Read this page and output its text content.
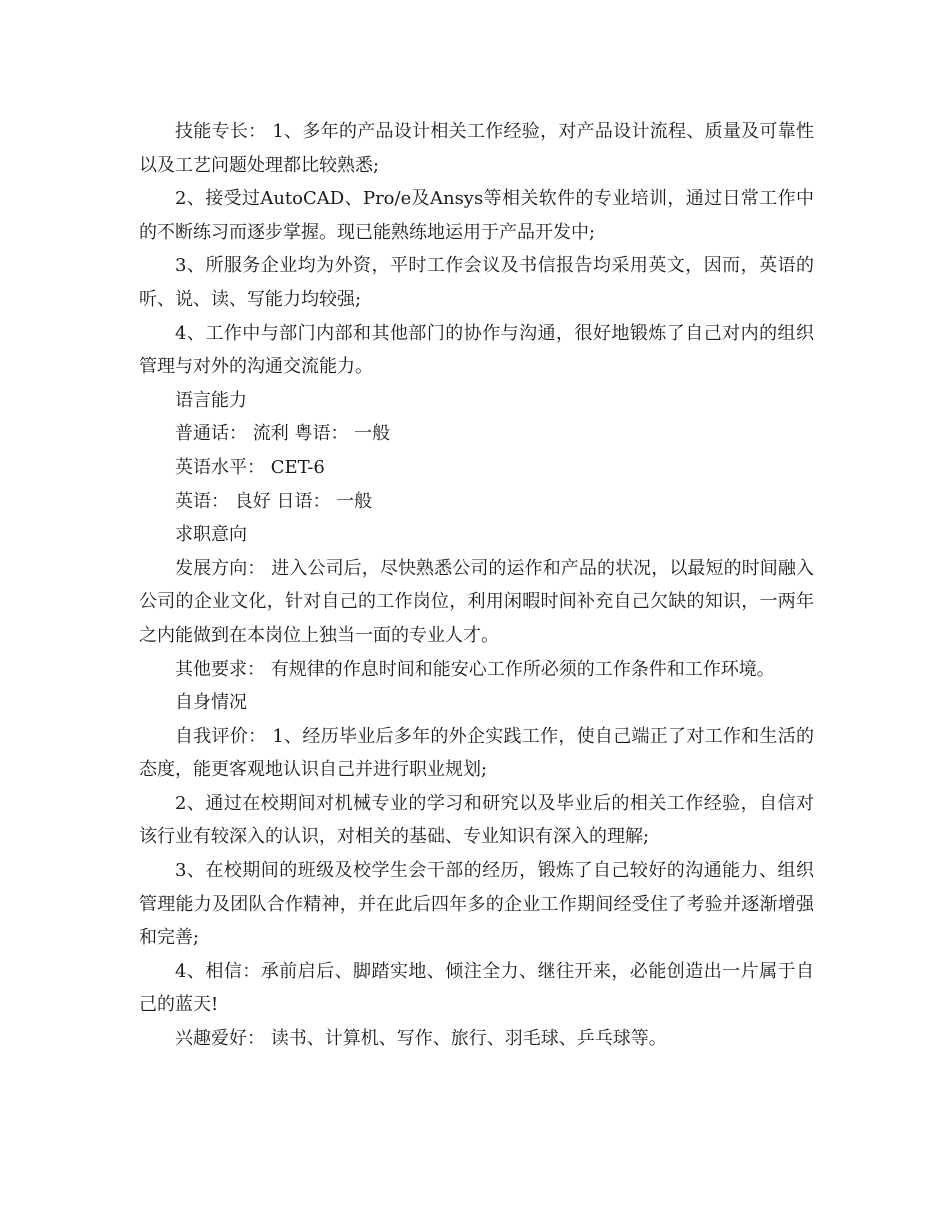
技能专长： 1、多年的产品设计相关工作经验，对产品设计流程、质量及可靠性以及工艺问题处理都比较熟悉;

2、接受过AutoCAD、Pro/e及Ansys等相关软件的专业培训，通过日常工作中的不断练习而逐步掌握。现已能熟练地运用于产品开发中;

3、所服务企业均为外资，平时工作会议及书信报告均采用英文，因而，英语的听、说、读、写能力均较强;

4、工作中与部门内部和其他部门的协作与沟通，很好地锻炼了自己对内的组织管理与对外的沟通交流能力。

语言能力

普通话： 流利 粤语： 一般

英语水平： CET-6

英语： 良好 日语： 一般

求职意向

发展方向： 进入公司后，尽快熟悉公司的运作和产品的状况，以最短的时间融入公司的企业文化，针对自己的工作岗位，利用闲暇时间补充自己欠缺的知识，一两年之内能做到在本岗位上独当一面的专业人才。

其他要求： 有规律的作息时间和能安心工作所必须的工作条件和工作环境。

自身情况

自我评价： 1、经历毕业后多年的外企实践工作，使自己端正了对工作和生活的态度，能更客观地认识自己并进行职业规划;

2、通过在校期间对机械专业的学习和研究以及毕业后的相关工作经验，自信对该行业有较深入的认识，对相关的基础、专业知识有深入的理解;

3、在校期间的班级及校学生会干部的经历，锻炼了自己较好的沟通能力、组织管理能力及团队合作精神，并在此后四年多的企业工作期间经受住了考验并逐渐增强和完善;

4、相信：承前启后、脚踏实地、倾注全力、继往开来，必能创造出一片属于自己的蓝天!

兴趣爱好： 读书、计算机、写作、旅行、羽毛球、乒乓球等。
